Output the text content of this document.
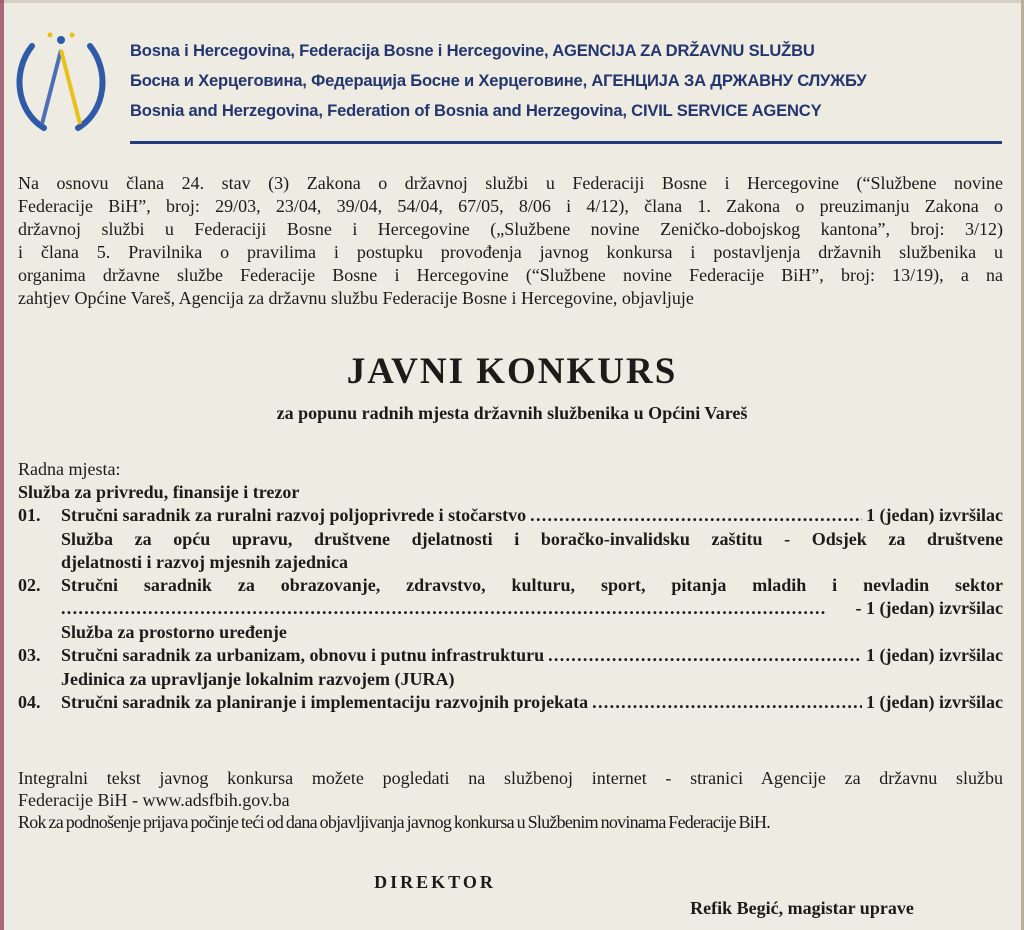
Bosna i Hercegovina, Federacija Bosne i Hercegovine, AGENCIJA ZA DRŽAVNU SLUŽBU
Босна и Херцеговина, Федерација Босне и Херцеговине, АГЕНЦИЈА ЗА ДРЖАВНУ СЛУЖБУ
Bosnia and Herzegovina, Federation of Bosnia and Herzegovina, CIVIL SERVICE AGENCY
Na osnovu člana 24. stav (3) Zakona o državnoj službi u Federaciji Bosne i Hercegovine (“Službene novine
Federacije BiH”, broj: 29/03, 23/04, 39/04, 54/04, 67/05, 8/06 i 4/12), člana 1. Zakona o preuzimanju Zakona o
državnoj službi u Federaciji Bosne i Hercegovine („Službene novine Zeničko-dobojskog kantona”, broj: 3/12)
i člana 5. Pravilnika o pravilima i postupku provođenja javnog konkursa i postavljenja državnih službenika u
organima državne službe Federacije Bosne i Hercegovine (“Službene novine Federacije BiH”, broj: 13/19), a na
zahtjev Općine Vareš, Agencija za državnu službu Federacije Bosne i Hercegovine, objavljuje
JAVNI KONKURS
za popunu radnih mjesta državnih službenika u Općini Vareš
Radna mjesta:
Služba za privredu, finansije i trezor
01.	Stručni saradnik za ruralni razvoj poljoprivrede i stočarstvo . . .	1 (jedan) izvršilac
Služba za opću upravu, društvene djelatnosti i boračko-invalidsku zaštitu - Odsjek za društvene
djelatnosti i razvoj mjesnih zajednica
02.	Stručni saradnik za obrazovanje, zdravstvo, kulturu, sport, pitanja mladih i nevladin sektor
. . .
- 1 (jedan) izvršilac
Služba za prostorno uređenje
03.	Stručni saradnik za urbanizam, obnovu i putnu infrastrukturu . . .	1 (jedan) izvršilac
Jedinica za upravljanje lokalnim razvojem (JURA)
04.	Stručni saradnik za planiranje i implementaciju razvojnih projekata . . .	1 (jedan) izvršilac
Integralni tekst javnog konkursa možete pogledati na službenoj internet - stranici Agencije za državnu službu
Federacije BiH - www.adsfbih.gov.ba
Rok za podnošenje prijava počinje teći od dana objavljivanja javnog konkursa u Službenim novinama Federacije BiH.
DIREKTOR
Refik Begić, magistar uprave
